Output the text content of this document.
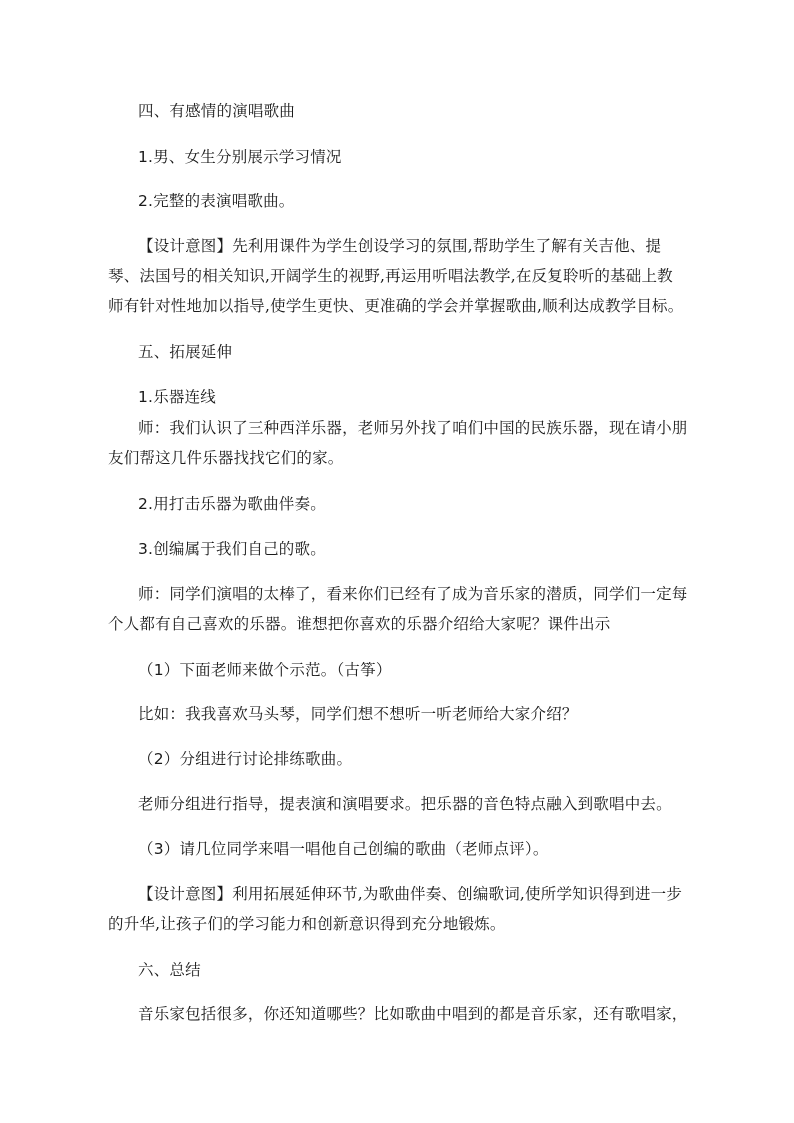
四、有感情的演唱歌曲
1.男、女生分别展示学习情况
2.完整的表演唱歌曲。
【设计意图】先利用课件为学生创设学习的氛围,帮助学生了解有关吉他、提
琴、法国号的相关知识,开阔学生的视野,再运用听唱法教学,在反复聆听的基础上教
师有针对性地加以指导,使学生更快、更准确的学会并掌握歌曲,顺利达成教学目标。
五、拓展延伸
1.乐器连线
师：我们认识了三种西洋乐器，老师另外找了咱们中国的民族乐器，现在请小朋
友们帮这几件乐器找找它们的家。
2.用打击乐器为歌曲伴奏。
3.创编属于我们自己的歌。
师：同学们演唱的太棒了，看来你们已经有了成为音乐家的潜质，同学们一定每
个人都有自己喜欢的乐器。谁想把你喜欢的乐器介绍给大家呢？课件出示
（1）下面老师来做个示范。（古筝）
比如：我我喜欢马头琴，同学们想不想听一听老师给大家介绍？
（2）分组进行讨论排练歌曲。
老师分组进行指导，提表演和演唱要求。把乐器的音色特点融入到歌唱中去。
（3）请几位同学来唱一唱他自己创编的歌曲（老师点评）。
【设计意图】利用拓展延伸环节,为歌曲伴奏、创编歌词,使所学知识得到进一步
的升华,让孩子们的学习能力和创新意识得到充分地锻炼。
六、总结
音乐家包括很多，你还知道哪些？比如歌曲中唱到的都是音乐家，还有歌唱家，
